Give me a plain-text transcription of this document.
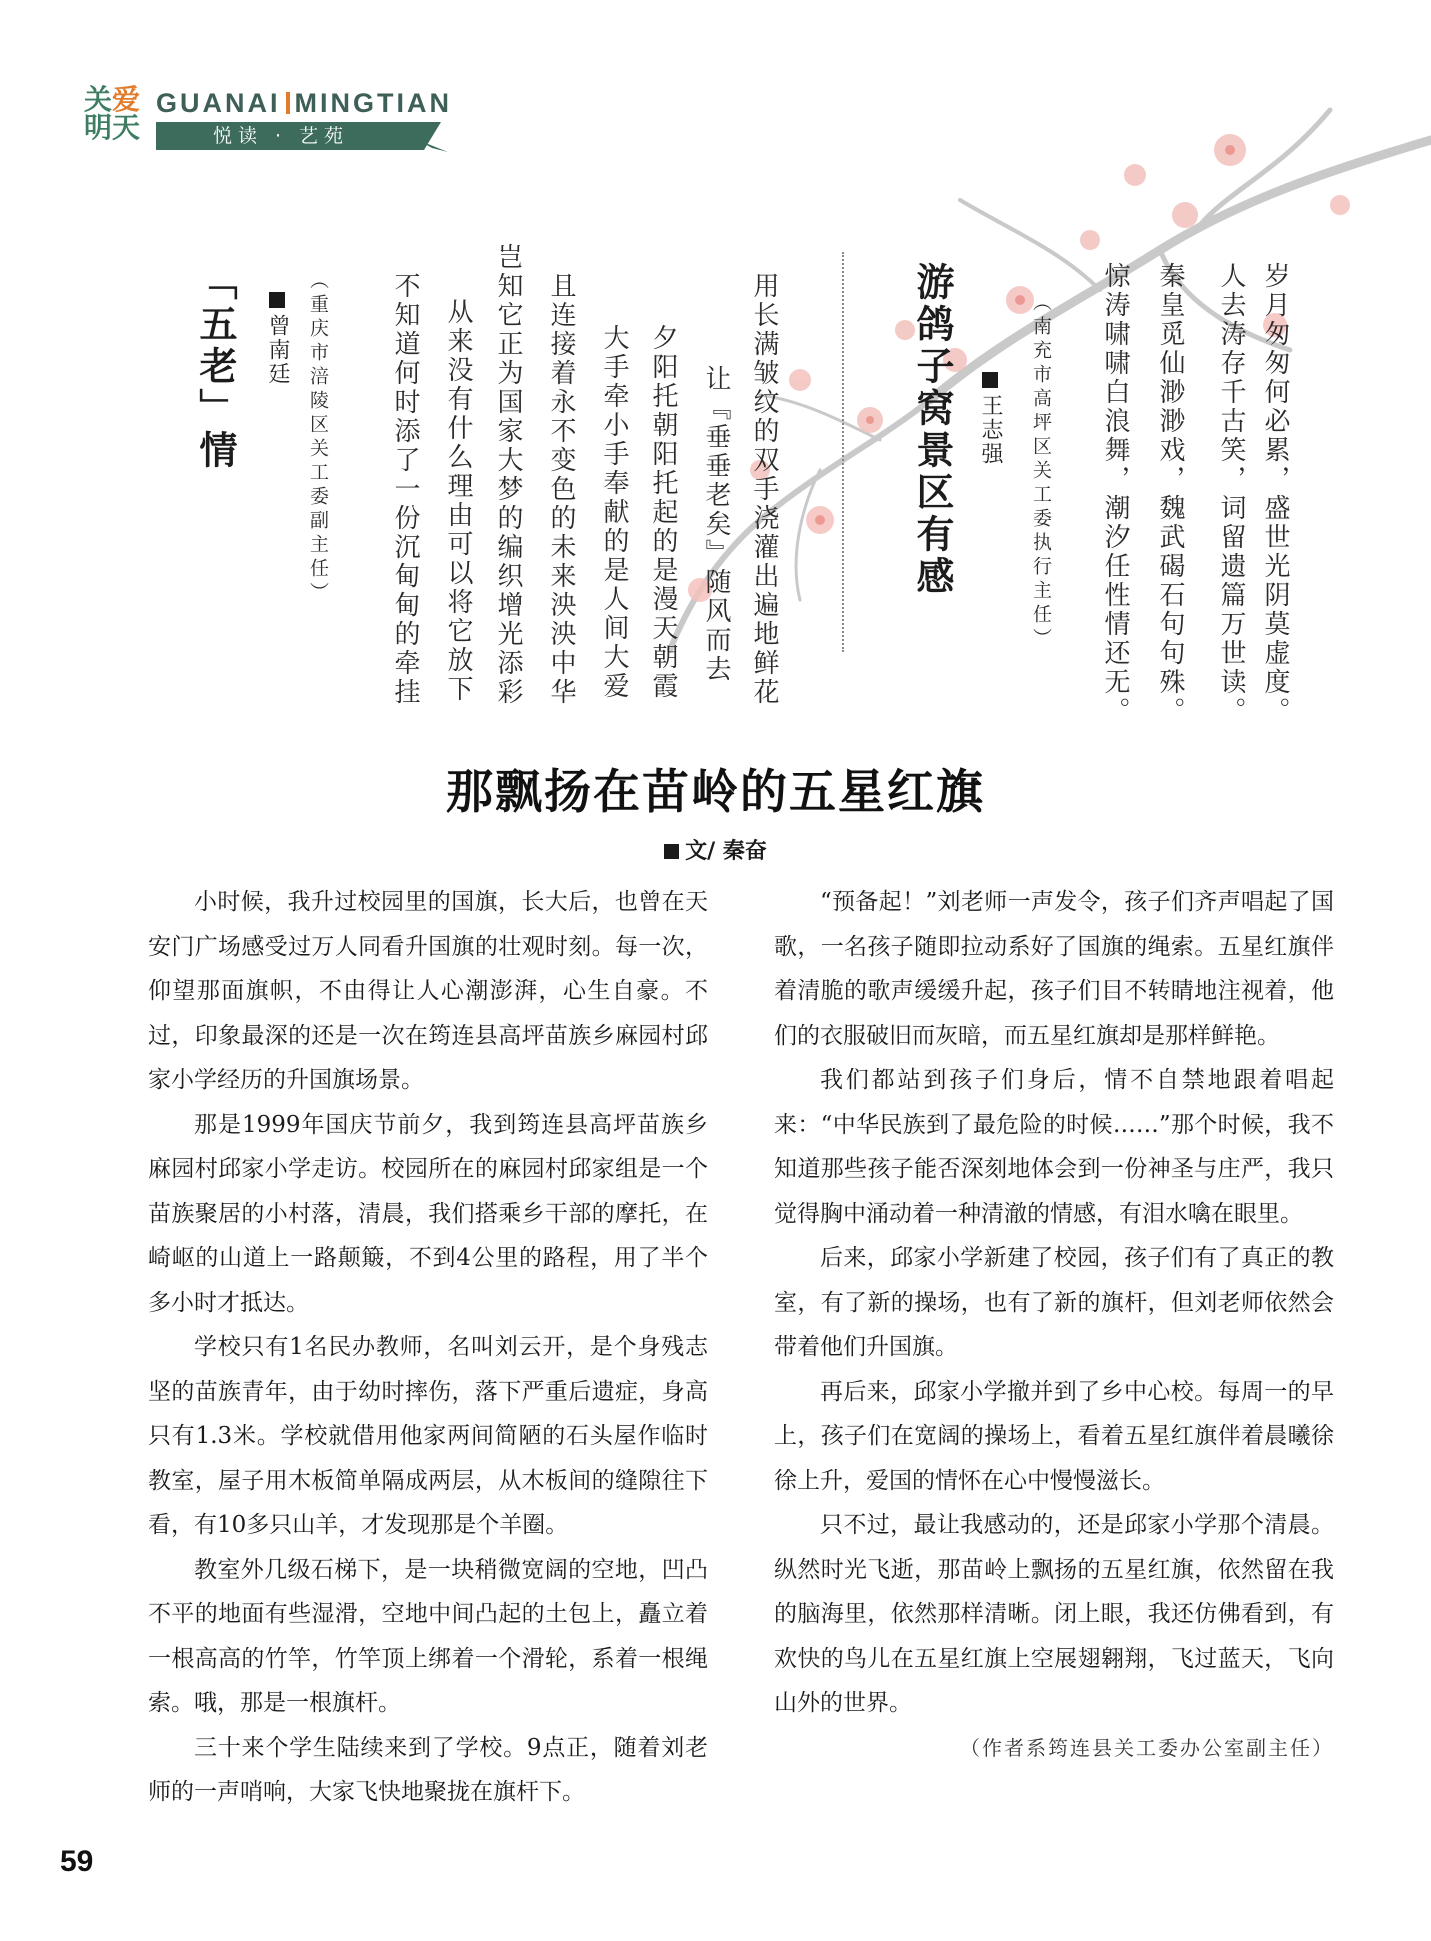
关爱
明天
GUANAI MINGTIAN
悦读 · 艺苑
岁月匆匆何必累，盛世光阴莫虚度。
人去涛存千古笑，词留遗篇万世读。
秦皇觅仙渺渺戏，魏武碣石句句殊。
惊涛啸啸白浪舞，潮汐任性情还无。
（南充市高坪区关工委执行主任）
王志强
游鸽子窝景区有感
用长满皱纹的双手浇灌出遍地鲜花
让『垂垂老矣』随风而去
夕阳托朝阳托起的是漫天朝霞
大手牵小手奉献的是人间大爱
且连接着永不变色的未来泱泱中华
岂知它正为国家大梦的编织增光添彩
从来没有什么理由可以将它放下
不知道何时添了一份沉甸甸的牵挂
（重庆市涪陵区关工委副主任）
曾南廷
「五老」情
那飘扬在苗岭的五星红旗
文/ 秦奋

小时候，我升过校园里的国旗，长大后，也曾在天安门广场感受过万人同看升国旗的壮观时刻。每一次，仰望那面旗帜，不由得让人心潮澎湃，心生自豪。不过，印象最深的还是一次在筠连县高坪苗族乡麻园村邱家小学经历的升国旗场景。

那是1999年国庆节前夕，我到筠连县高坪苗族乡麻园村邱家小学走访。校园所在的麻园村邱家组是一个苗族聚居的小村落，清晨，我们搭乘乡干部的摩托，在崎岖的山道上一路颠簸，不到4公里的路程，用了半个多小时才抵达。

学校只有1名民办教师，名叫刘云开，是个身残志坚的苗族青年，由于幼时摔伤，落下严重后遗症，身高只有1.3米。学校就借用他家两间简陋的石头屋作临时教室，屋子用木板简单隔成两层，从木板间的缝隙往下看，有10多只山羊，才发现那是个羊圈。

教室外几级石梯下，是一块稍微宽阔的空地，凹凸不平的地面有些湿滑，空地中间凸起的土包上，矗立着一根高高的竹竿，竹竿顶上绑着一个滑轮，系着一根绳索。哦，那是一根旗杆。

三十来个学生陆续来到了学校。9点正，随着刘老师的一声哨响，大家飞快地聚拢在旗杆下。

“预备起！”刘老师一声发令，孩子们齐声唱起了国歌，一名孩子随即拉动系好了国旗的绳索。五星红旗伴着清脆的歌声缓缓升起，孩子们目不转睛地注视着，他们的衣服破旧而灰暗，而五星红旗却是那样鲜艳。

我们都站到孩子们身后，情不自禁地跟着唱起来：“中华民族到了最危险的时候……”那个时候，我不知道那些孩子能否深刻地体会到一份神圣与庄严，我只觉得胸中涌动着一种清澈的情感，有泪水噙在眼里。

后来，邱家小学新建了校园，孩子们有了真正的教室，有了新的操场，也有了新的旗杆，但刘老师依然会带着他们升国旗。

再后来，邱家小学撤并到了乡中心校。每周一的早上，孩子们在宽阔的操场上，看着五星红旗伴着晨曦徐徐上升，爱国的情怀在心中慢慢滋长。

只不过，最让我感动的，还是邱家小学那个清晨。纵然时光飞逝，那苗岭上飘扬的五星红旗，依然留在我的脑海里，依然那样清晰。闭上眼，我还仿佛看到，有欢快的鸟儿在五星红旗上空展翅翱翔，飞过蓝天，飞向山外的世界。

（作者系筠连县关工委办公室副主任）

59
